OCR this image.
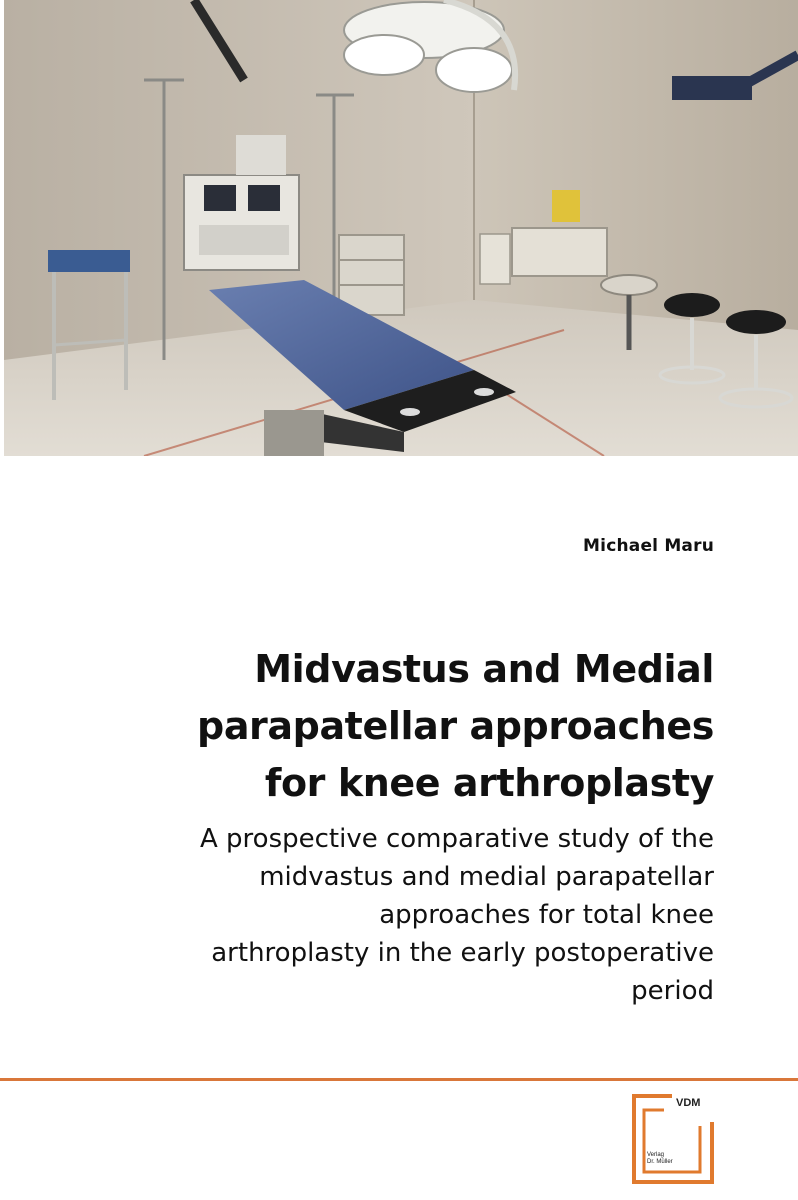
Michael Maru
Midvastus and Medial
parapatellar approaches
for knee arthroplasty
A prospective comparative study of the
midvastus and medial parapatellar
approaches for total knee
arthroplasty in the early postoperative
period
VDM
Verlag
Dr. Müller
